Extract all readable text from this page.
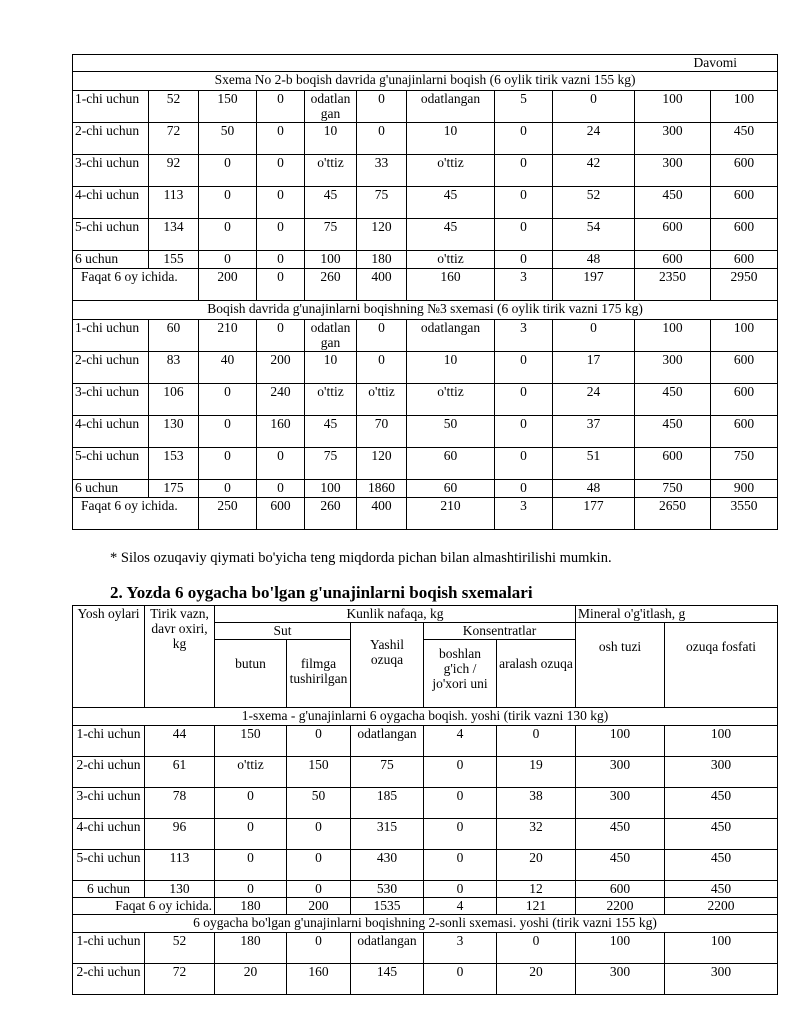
Davomi										
Sxema No 2-b boqish davrida g'unajinlarni boqish (6 oylik tirik vazni 155 kg)										
1-chi uchun	52	150	0	odatlan gan	0	odatlangan	5	0	100	100
2-chi uchun	72	50	0	10	0	10	0	24	300	450
3-chi uchun	92	0	0	o'ttiz	33	o'ttiz	0	42	300	600
4-chi uchun	113	0	0	45	75	45	0	52	450	600
5-chi uchun	134	0	0	75	120	45	0	54	600	600
6 uchun	155	0	0	100	180	o'ttiz	0	48	600	600
Faqat 6 oy ichida.		200	0	260	400	160	3	197	2350	2950
Boqish davrida g'unajinlarni boqishning №3 sxemasi (6 oylik tirik vazni 175 kg)										
1-chi uchun	60	210	0	odatlan gan	0	odatlangan	3	0	100	100
2-chi uchun	83	40	200	10	0	10	0	17	300	600
3-chi uchun	106	0	240	o'ttiz	o'ttiz	o'ttiz	0	24	450	600
4-chi uchun	130	0	160	45	70	50	0	37	450	600
5-chi uchun	153	0	0	75	120	60	0	51	600	750
6 uchun	175	0	0	100	1860	60	0	48	750	900
Faqat 6 oy ichida.		250	600	260	400	210	3	177	2650	3550
* Silos ozuqaviy qiymati bo'yicha teng miqdorda pichan bilan almashtirilishi mumkin.
2. Yozda 6 oygacha bo'lgan g'unajinlarni boqish sxemalari
Yosh oylari	Tirik vazn, davr oxiri, kg	Kunlik nafaqa, kg					Mineral o'g'itlash, g	
		Sut		Yashil ozuqa	Konsentratlar		osh tuzi	ozuqa fosfati
		butun	filmga tushirilgan		boshlan g'ich / jo'xori uni	aralash ozuqa		
1-sxema - g'unajinlarni 6 oygacha boqish. yoshi (tirik vazni 130 kg)								
1-chi uchun	44	150	0	odatlangan	4	0	100	100
2-chi uchun	61	o'ttiz	150	75	0	19	300	300
3-chi uchun	78	0	50	185	0	38	300	450
4-chi uchun	96	0	0	315	0	32	450	450
5-chi uchun	113	0	0	430	0	20	450	450
6 uchun	130	0	0	530	0	12	600	450
Faqat 6 oy ichida.		180	200	1535	4	121	2200	2200
6 oygacha bo'lgan g'unajinlarni boqishning 2-sonli sxemasi. yoshi (tirik vazni 155 kg)								
1-chi uchun	52	180	0	odatlangan	3	0	100	100
2-chi uchun	72	20	160	145	0	20	300	300
